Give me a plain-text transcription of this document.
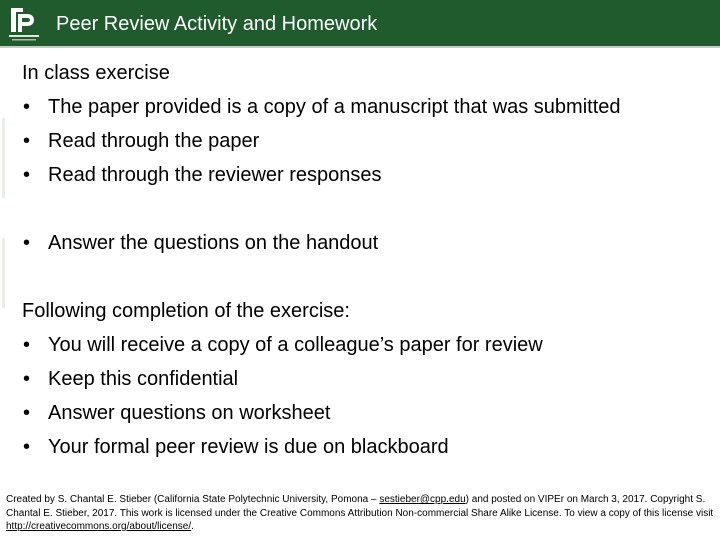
Peer Review Activity and Homework
In class exercise
• The paper provided is a copy of a manuscript that was submitted
• Read through the paper
• Read through the reviewer responses
• Answer the questions on the handout
Following completion of the exercise:
• You will receive a copy of a colleague’s paper for review
• Keep this confidential
• Answer questions on worksheet
• Your formal peer review is due on blackboard
Created by S. Chantal E. Stieber (California State Polytechnic University, Pomona – sestieber@cpp.edu) and posted on VIPEr on March 3, 2017. Copyright S. Chantal E. Stieber, 2017. This work is licensed under the Creative Commons Attribution Non-commercial Share Alike License. To view a copy of this license visit http://creativecommons.org/about/license/.
